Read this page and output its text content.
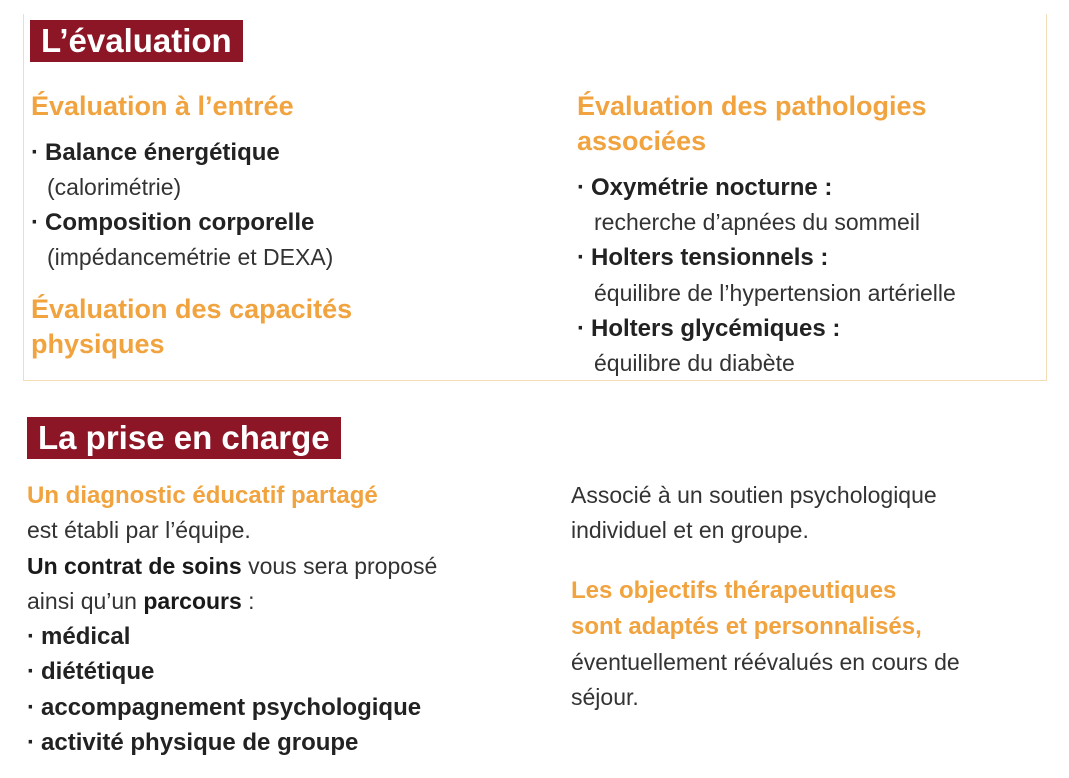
L’évaluation
Évaluation à l’entrée
· Balance énergétique
(calorimétrie)
· Composition corporelle
(impédancemétrie et DEXA)
Évaluation des capacités
physiques
Évaluation des pathologies
associées
· Oxymétrie nocturne :
recherche d’apnées du sommeil
· Holters tensionnels :
équilibre de l’hypertension artérielle
· Holters glycémiques :
équilibre du diabète
La prise en charge
Un diagnostic éducatif partagé
est établi par l’équipe.
Un contrat de soins vous sera proposé
ainsi qu’un parcours :
· médical
· diététique
· accompagnement psychologique
· activité physique de groupe
Associé à un soutien psychologique
individuel et en groupe.
Les objectifs thérapeutiques
sont adaptés et personnalisés,
éventuellement réévalués en cours de
séjour.
